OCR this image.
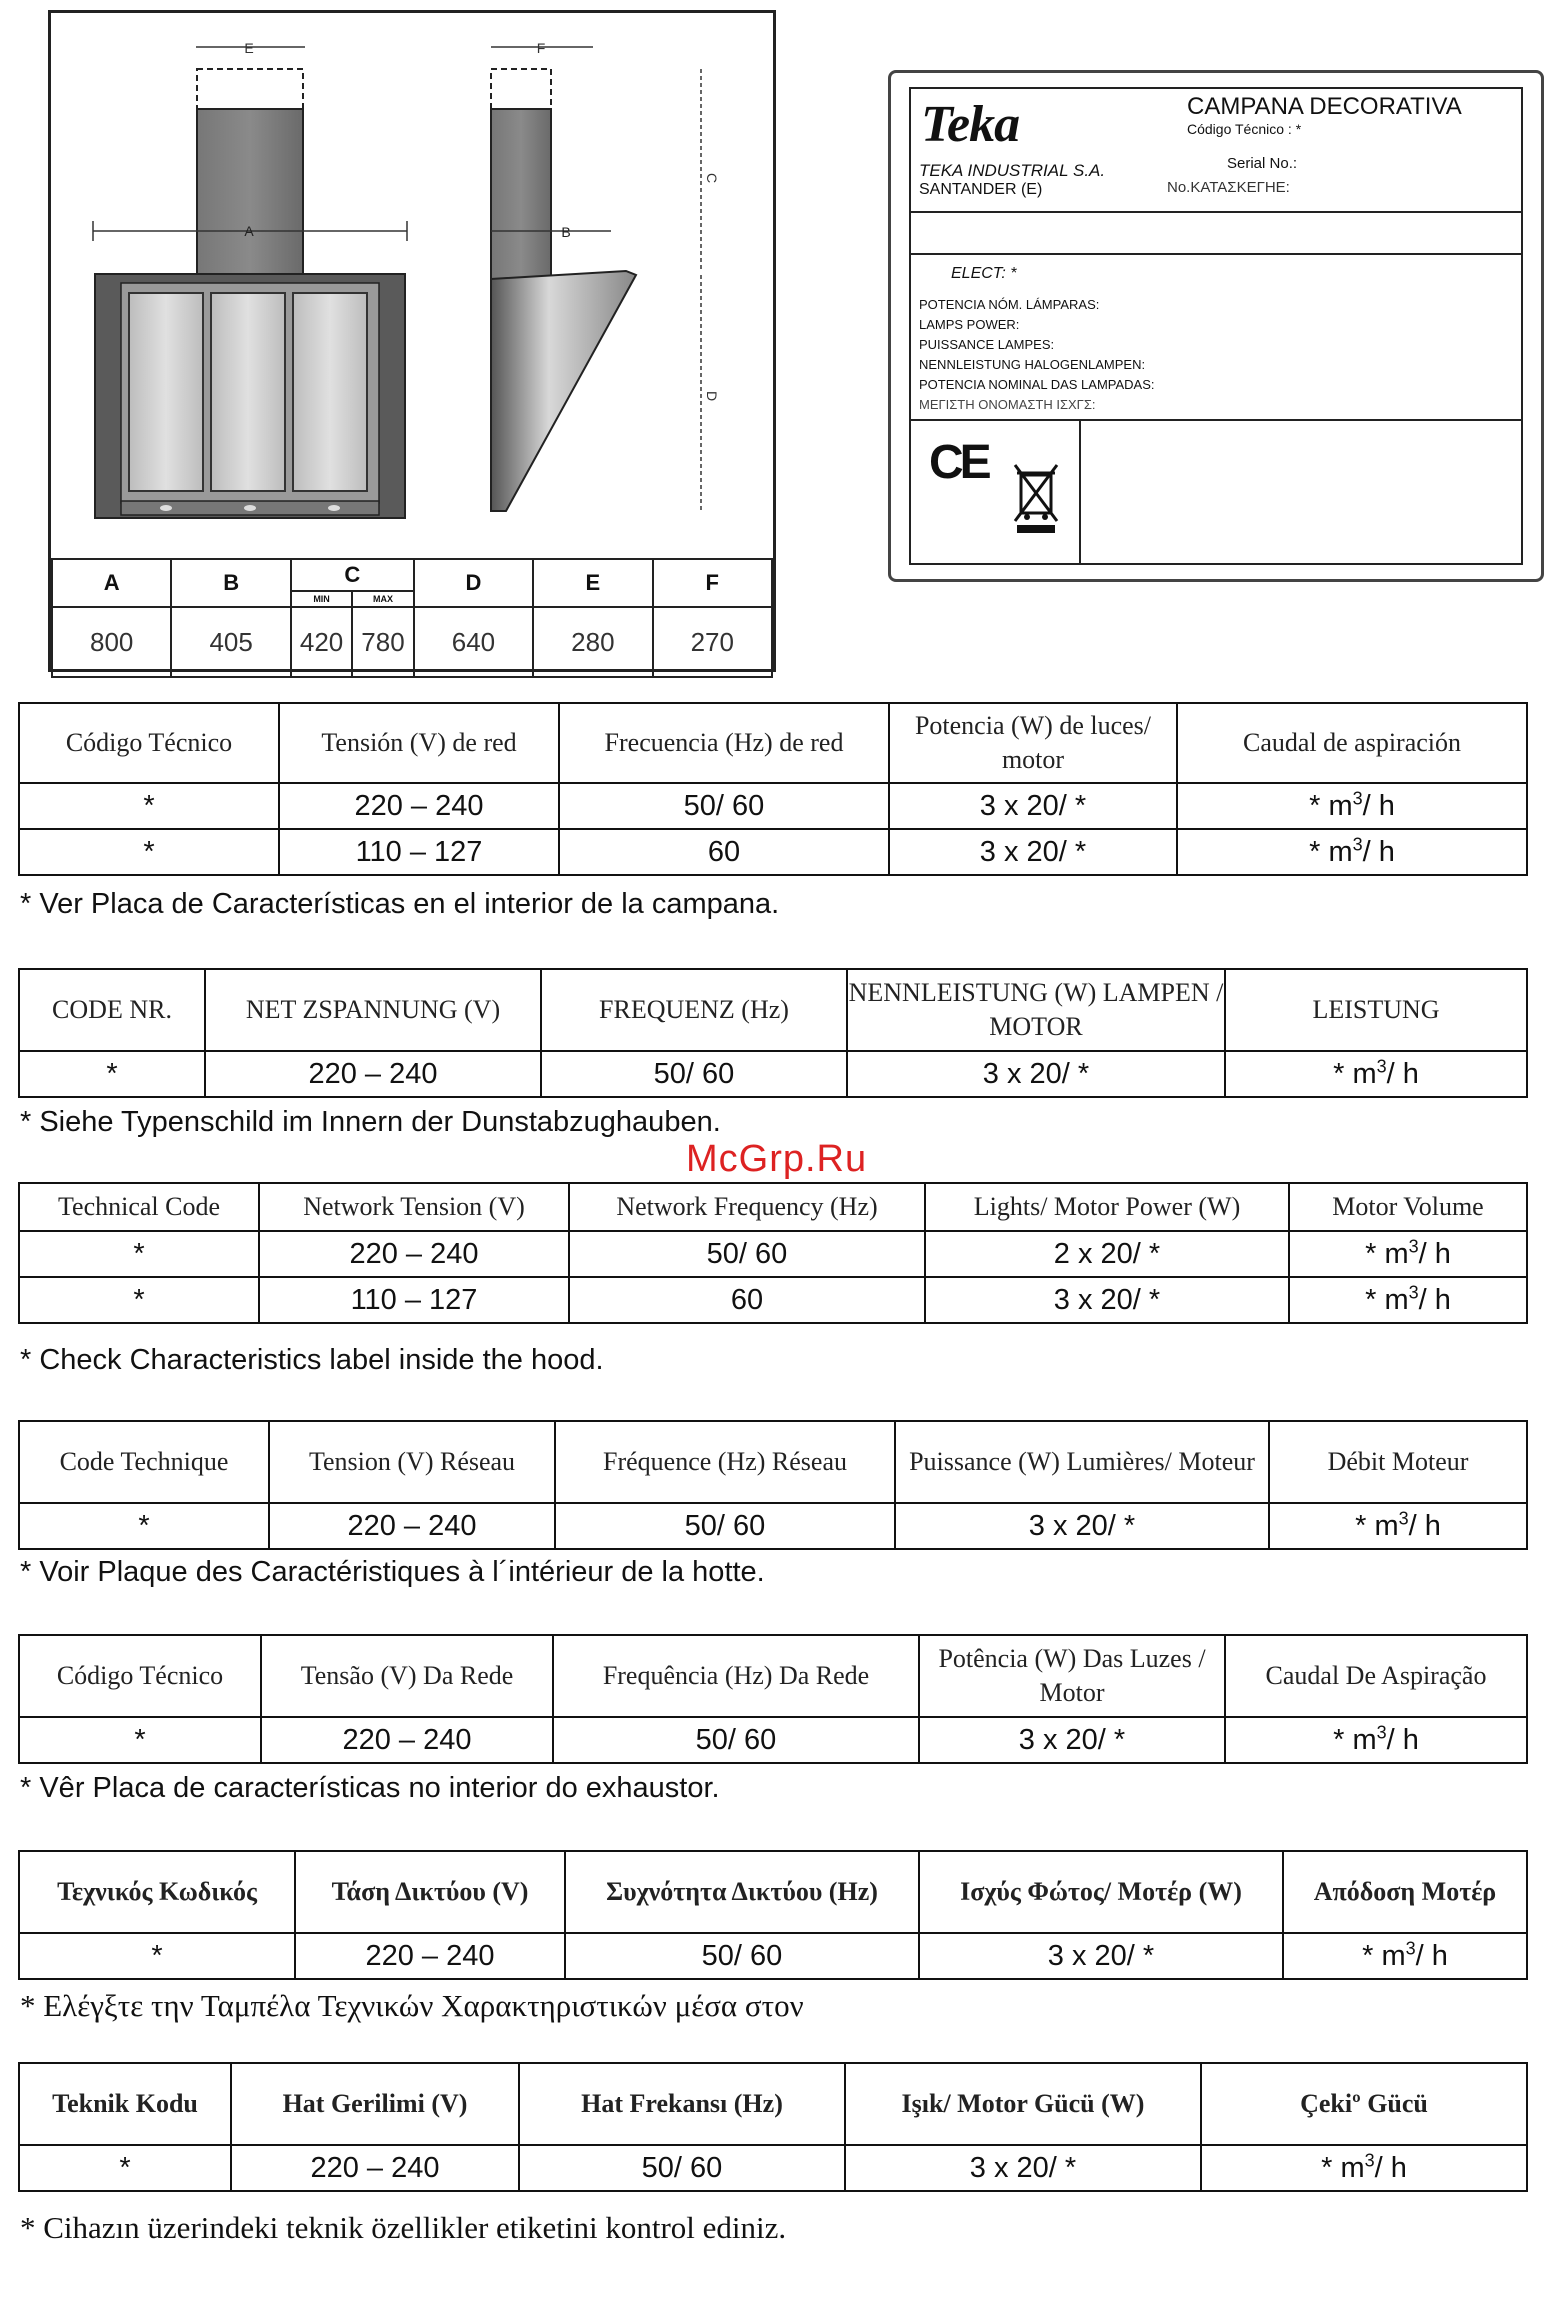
E
A
F
B
C
D
A	B	C		D	E	F
		MIN	MAX			
800	405	420	780	640	280	270
Teka
TEKA INDUSTRIAL S.A.
SANTANDER (E)
CAMPANA DECORATIVA
Código Técnico : *
Serial No.:
No.ΚΑΤΑΣΚΕΓΗΕ:
ELECT: *
POTENCIA NÓM. LÁMPARAS:
LAMPS POWER:
PUISSANCE LAMPES:
NENNLEISTUNG HALOGENLAMPEN:
POTENCIA NOMINAL DAS LAMPADAS:
ΜΕΓΙΣΤΗ ΟΝΟΜΑΣΤΗ ΙΣΧΓΣ:
CE
McGrp.Ru
Código Técnico	Tensión (V) de red	Frecuencia (Hz) de red	Potencia (W) de luces/ motor	Caudal de aspiración
*	220 – 240	50/ 60	3 x 20/ *	* $m^3/$ h
*	110 – 127	60	3 x 20/ *	* $m^3/$ h
* Ver Placa de Características en el interior de la campana.
CODE NR.	NET ZSPANNUNG (V)	FREQUENZ (Hz)	NENNLEISTUNG (W) LAMPEN / MOTOR	LEISTUNG
*	220 – 240	50/ 60	3 x 20/ *	* $m^3/$ h
* Siehe Typenschild im Innern der Dunstabzughauben.
Technical Code	Network Tension (V)	Network Frequency (Hz)	Lights/ Motor Power (W)	Motor Volume
*	220 – 240	50/ 60	2 x 20/ *	* $m^3/$ h
*	110 – 127	60	3 x 20/ *	* $m^3/$ h
* Check Characteristics label inside the hood.
Code Technique	Tension (V) Réseau	Fréquence (Hz) Réseau	Puissance (W) Lumières/ Moteur	Débit Moteur
*	220 – 240	50/ 60	3 x 20/ *	* $m^3/$ h
* Voir Plaque des Caractéristiques à l´intérieur de la hotte.
Código Técnico	Tensão (V) Da Rede	Frequência (Hz) Da Rede	Potência (W) Das Luzes / Motor	Caudal De Aspiração
*	220 – 240	50/ 60	3 x 20/ *	* $m^3/$ h
* Vêr Placa de características no interior do exhaustor.
Τεχνικός Κωδικός	Τάση Δικτύου (V)	Συχνότητα Δικτύου (Hz)	Ισχύς Φώτος/ Μοτέρ (W)	Απόδοση Μοτέρ
*	220 – 240	50/ 60	3 x 20/ *	* $m^3/$ h
* Ελέγξτε την Ταμπέλα Τεχνικών Χαρακτηριστικών μέσα στον
Teknik Kodu	Hat Gerilimi (V)	Hat Frekansı (Hz)	Işık/ Motor Gücü (W)	Çekiº Gücü
*	220 – 240	50/ 60	3 x 20/ *	* $m^3/$ h
* Cihazın üzerindeki teknik özellikler etiketini kontrol ediniz.
